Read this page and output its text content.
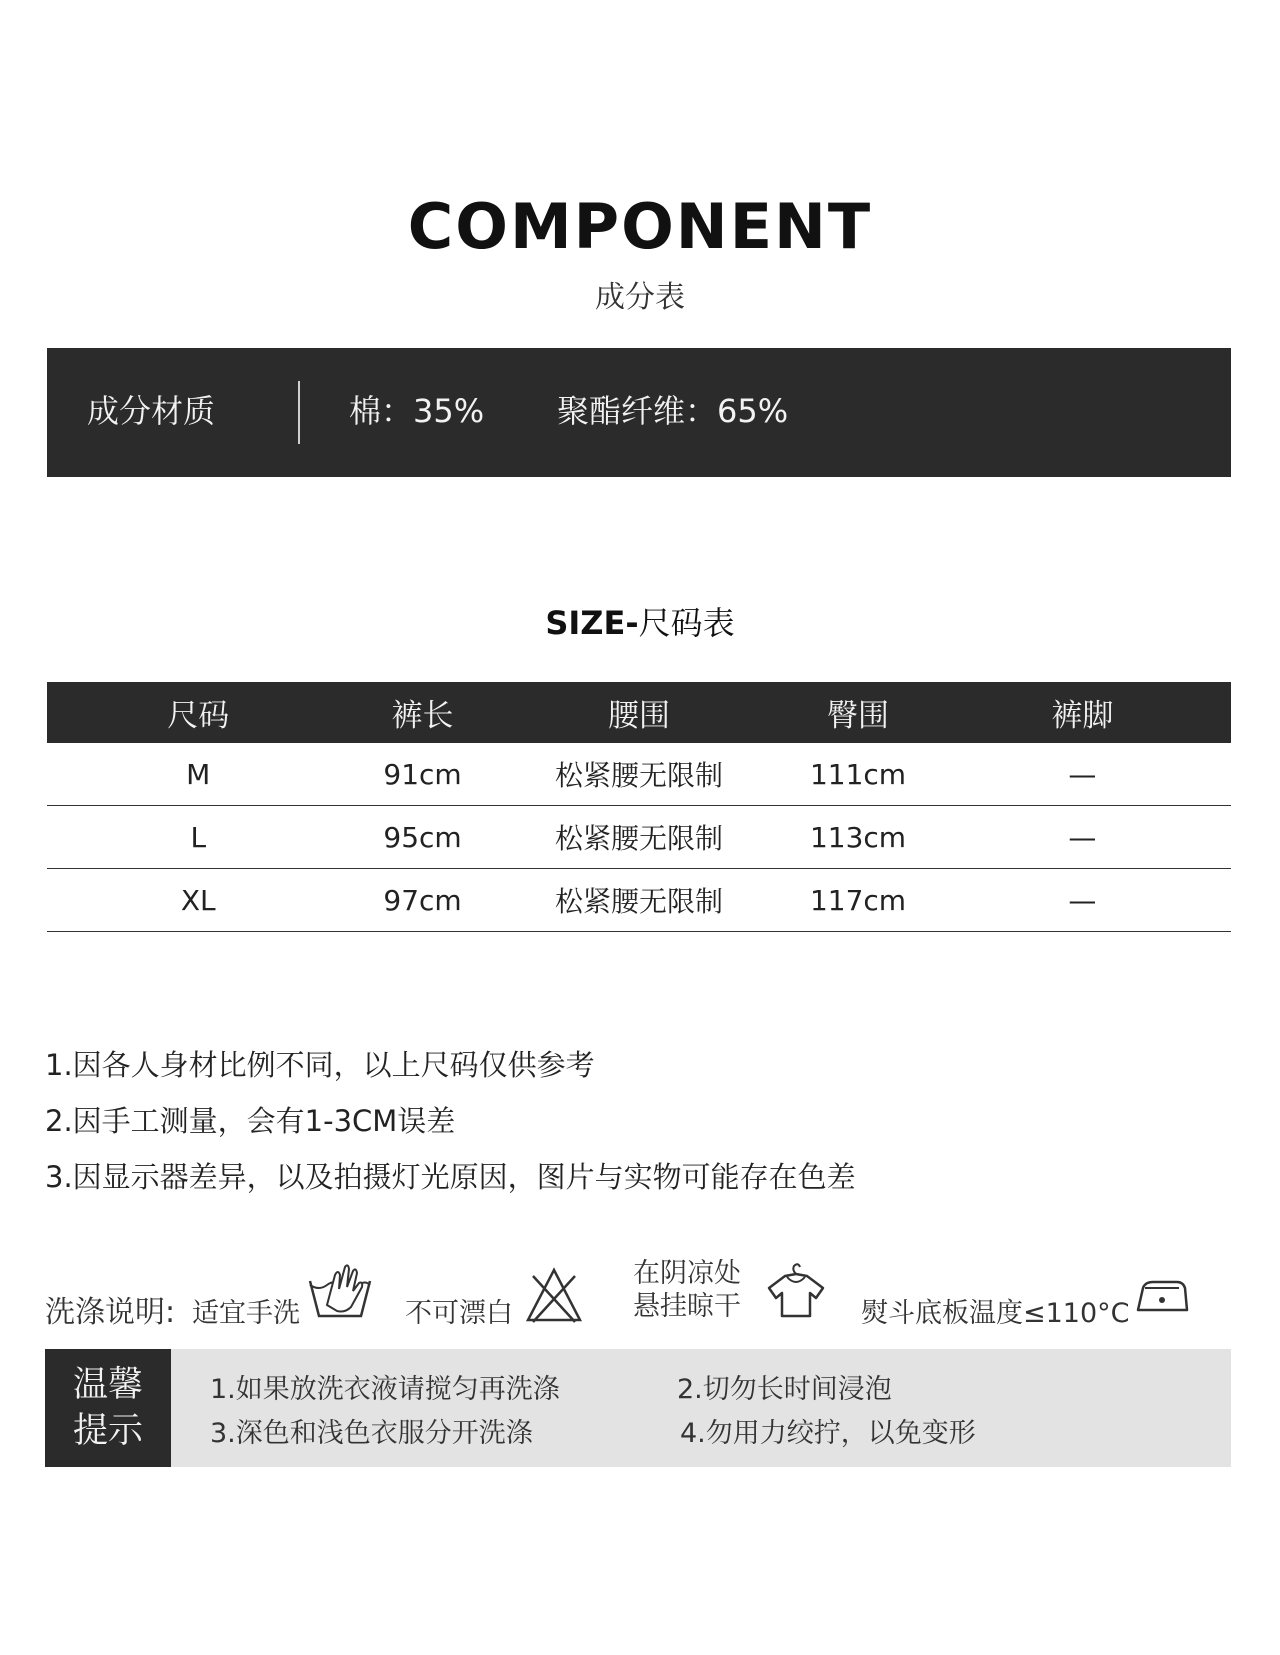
COMPONENT
成分表
成分材质	棉：35% 聚酯纤维：65%
SIZE-尺码表
尺码	裤长	腰围	臀围	裤脚
M	91cm	松紧腰无限制	111cm	—
L	95cm	松紧腰无限制	113cm	—
XL	97cm	松紧腰无限制	117cm	—
1.因各人身材比例不同，以上尺码仅供参考
2.因手工测量，会有1-3CM误差
3.因显示器差异，以及拍摄灯光原因，图片与实物可能存在色差
洗涤说明: 适宜手洗	不可漂白
在阴凉处
悬挂晾干	熨斗底板温度≤110°C
温馨
提示
1.如果放洗衣液请搅匀再洗涤	2.切勿长时间浸泡
3.深色和浅色衣服分开洗涤	4.勿用力绞拧，以免变形
